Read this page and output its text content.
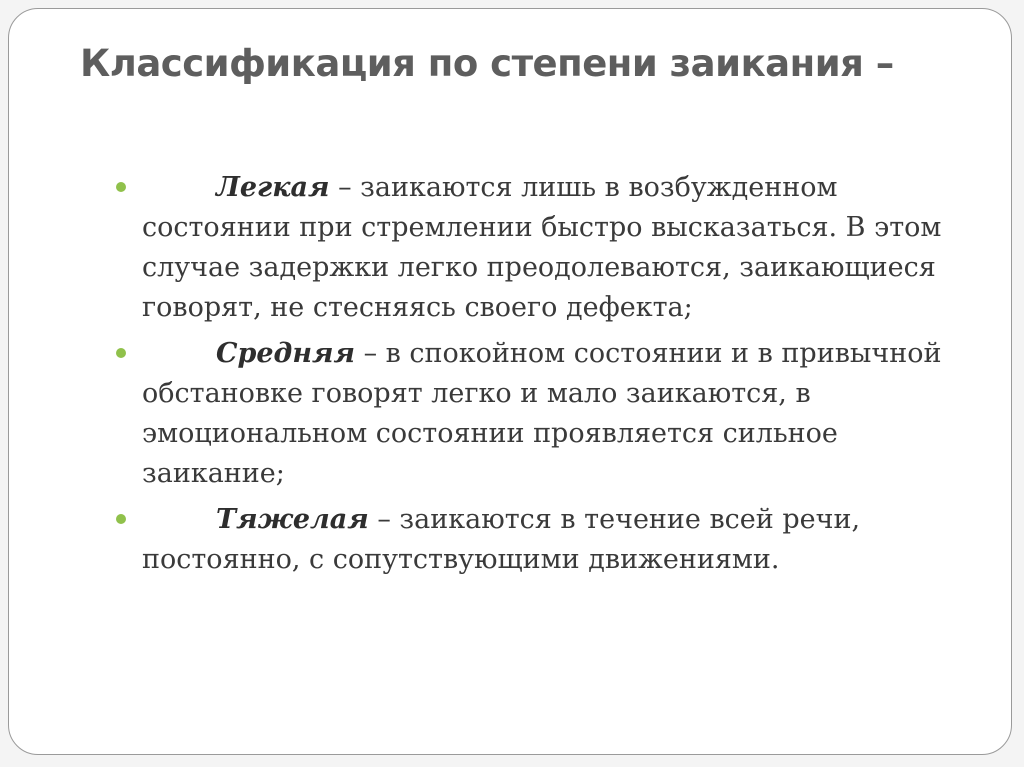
Классификация по степени заикания –
Легкая – заикаются лишь в возбужденном состоянии при стремлении быстро высказаться. В этом случае задержки легко преодолеваются, заикающиеся говорят, не стесняясь своего дефекта;
Средняя – в спокойном состоянии и в привычной обстановке говорят легко и мало заикаются, в эмоциональном состоянии проявляется сильное заикание;
Тяжелая – заикаются в течение всей речи, постоянно, с сопутствующими движениями.
